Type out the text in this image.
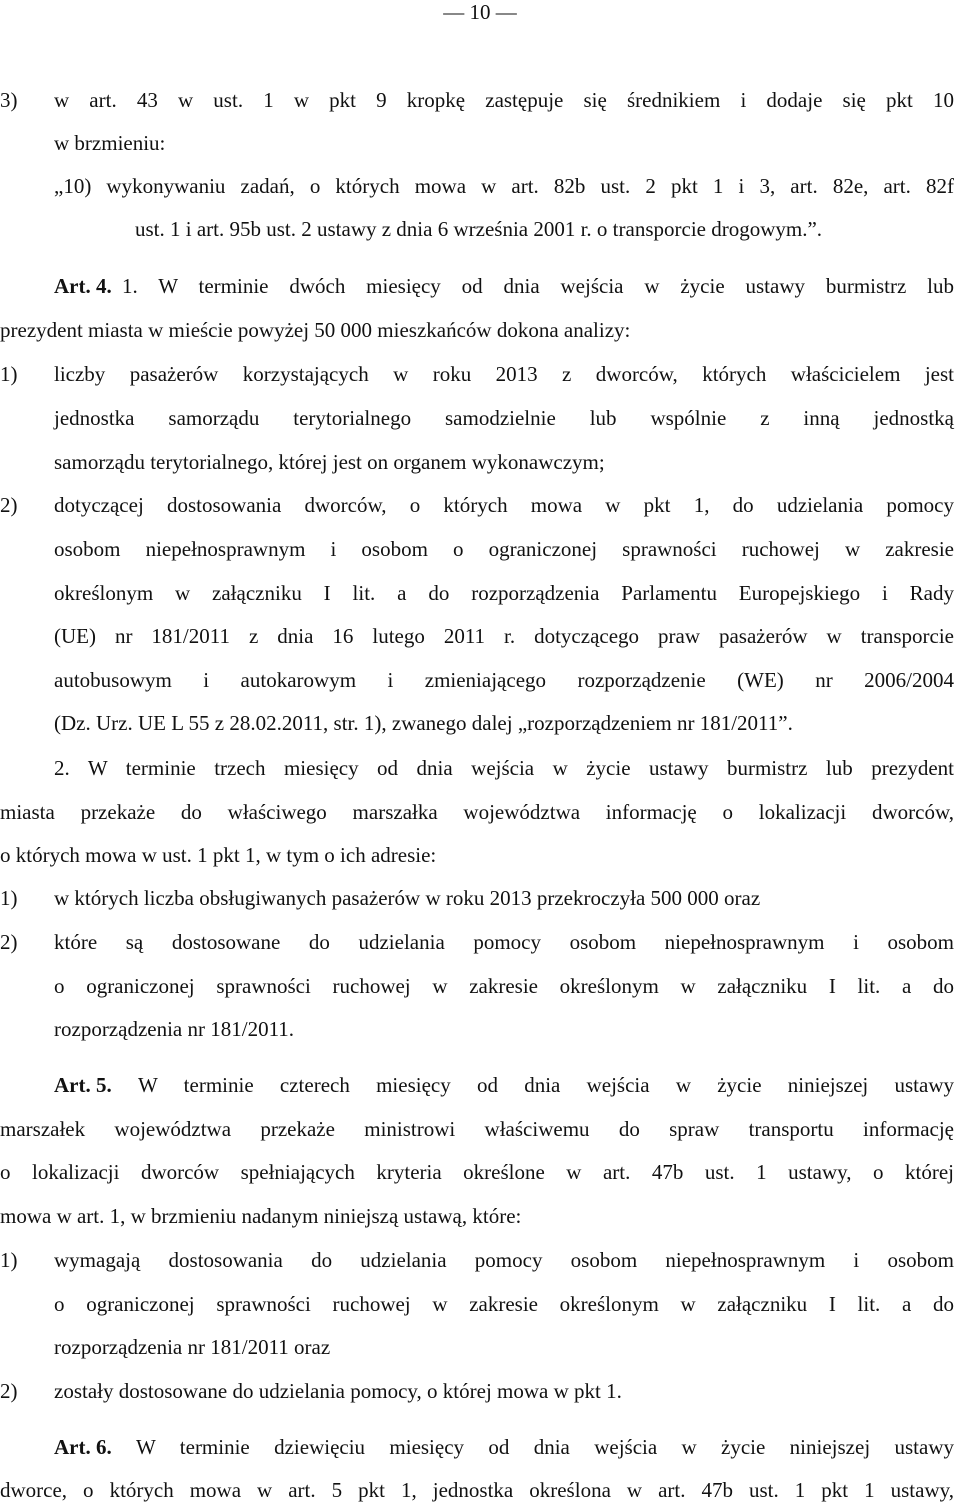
— 10 —
3) w art. 43 w ust. 1 w pkt 9 kropkę zastępuje się średnikiem i dodaje się pkt 10
w brzmieniu:
„10) wykonywaniu zadań, o których mowa w art. 82b ust. 2 pkt 1 i 3, art. 82e, art. 82f
ust. 1 i art. 95b ust. 2 ustawy z dnia 6 września 2001 r. o transporcie drogowym.”.
Art. 4. 1. W terminie dwóch miesięcy od dnia wejścia w życie ustawy burmistrz lub
prezydent miasta w mieście powyżej 50 000 mieszkańców dokona analizy:
1) liczby pasażerów korzystających w roku 2013 z dworców, których właścicielem jest
jednostka samorządu terytorialnego samodzielnie lub wspólnie z inną jednostką
samorządu terytorialnego, której jest on organem wykonawczym;
2) dotyczącej dostosowania dworców, o których mowa w pkt 1, do udzielania pomocy
osobom niepełnosprawnym i osobom o ograniczonej sprawności ruchowej w zakresie
określonym w załączniku I lit. a do rozporządzenia Parlamentu Europejskiego i Rady
(UE) nr 181/2011 z dnia 16 lutego 2011 r. dotyczącego praw pasażerów w transporcie
autobusowym i autokarowym i zmieniającego rozporządzenie (WE) nr 2006/2004
(Dz. Urz. UE L 55 z 28.02.2011, str. 1), zwanego dalej „rozporządzeniem nr 181/2011”.
2. W terminie trzech miesięcy od dnia wejścia w życie ustawy burmistrz lub prezydent
miasta przekaże do właściwego marszałka województwa informację o lokalizacji dworców,
o których mowa w ust. 1 pkt 1, w tym o ich adresie:
1) w których liczba obsługiwanych pasażerów w roku 2013 przekroczyła 500 000 oraz
2) które są dostosowane do udzielania pomocy osobom niepełnosprawnym i osobom
o ograniczonej sprawności ruchowej w zakresie określonym w załączniku I lit. a do
rozporządzenia nr 181/2011.
Art. 5. W terminie czterech miesięcy od dnia wejścia w życie niniejszej ustawy
marszałek województwa przekaże ministrowi właściwemu do spraw transportu informację
o lokalizacji dworców spełniających kryteria określone w art. 47b ust. 1 ustawy, o której
mowa w art. 1, w brzmieniu nadanym niniejszą ustawą, które:
1) wymagają dostosowania do udzielania pomocy osobom niepełnosprawnym i osobom
o ograniczonej sprawności ruchowej w zakresie określonym w załączniku I lit. a do
rozporządzenia nr 181/2011 oraz
2) zostały dostosowane do udzielania pomocy, o której mowa w pkt 1.
Art. 6. W terminie dziewięciu miesięcy od dnia wejścia w życie niniejszej ustawy
dworce, o których mowa w art. 5 pkt 1, jednostka określona w art. 47b ust. 1 pkt 1 ustawy,
